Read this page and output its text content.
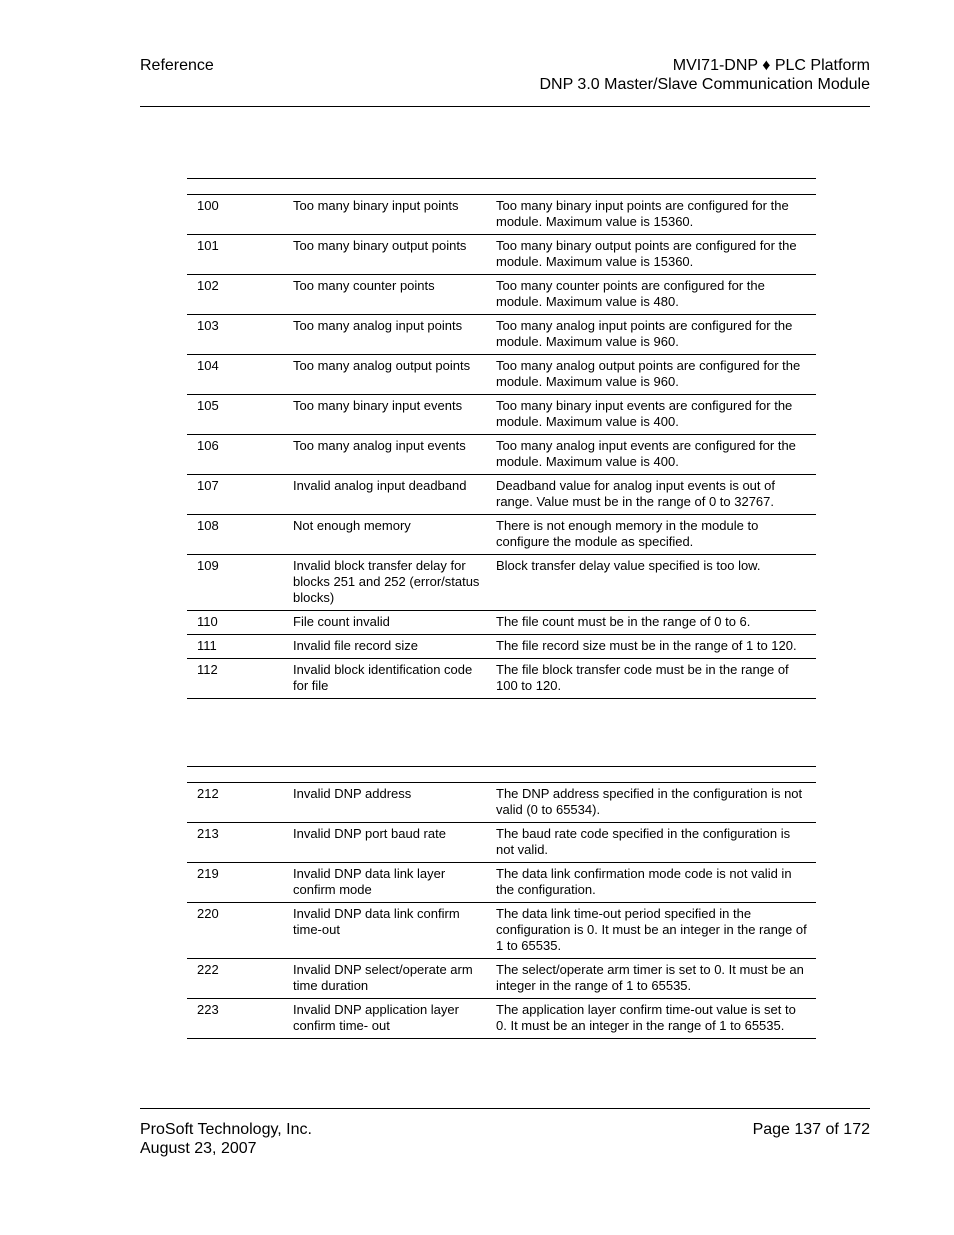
Reference	MVI71-DNP ♦ PLC Platform
DNP 3.0 Master/Slave Communication Module

100	Too many binary input points	Too many binary input points are configured for the module. Maximum value is 15360.
101	Too many binary output points	Too many binary output points are configured for the module. Maximum value is 15360.
102	Too many counter points	Too many counter points are configured for the module. Maximum value is 480.
103	Too many analog input points	Too many analog input points are configured for the module. Maximum value is 960.
104	Too many analog output points	Too many analog output points are configured for the module. Maximum value is 960.
105	Too many binary input events	Too many binary input events are configured for the module. Maximum value is 400.
106	Too many analog input events	Too many analog input events are configured for the module. Maximum value is 400.
107	Invalid analog input deadband	Deadband value for analog input events is out of range. Value must be in the range of 0 to 32767.
108	Not enough memory	There is not enough memory in the module to configure the module as specified.
109	Invalid block transfer delay for blocks 251 and 252 (error/status blocks)	Block transfer delay value specified is too low.
110	File count invalid	The file count must be in the range of 0 to 6.
111	Invalid file record size	The file record size must be in the range of 1 to 120.
112	Invalid block identification code for file	The file block transfer code must be in the range of 100 to 120.

212	Invalid DNP address	The DNP address specified in the configuration is not valid (0 to 65534).
213	Invalid DNP port baud rate	The baud rate code specified in the configuration is not valid.
219	Invalid DNP data link layer confirm mode	The data link confirmation mode code is not valid in the configuration.
220	Invalid DNP data link confirm time-out	The data link time-out period specified in the configuration is 0. It must be an integer in the range of 1 to 65535.
222	Invalid DNP select/operate arm time duration	The select/operate arm timer is set to 0. It must be an integer in the range of 1 to 65535.
223	Invalid DNP application layer confirm time- out	The application layer confirm time-out value is set to 0. It must be an integer in the range of 1 to 65535.
ProSoft Technology, Inc.
August 23, 2007
Page 137 of 172
